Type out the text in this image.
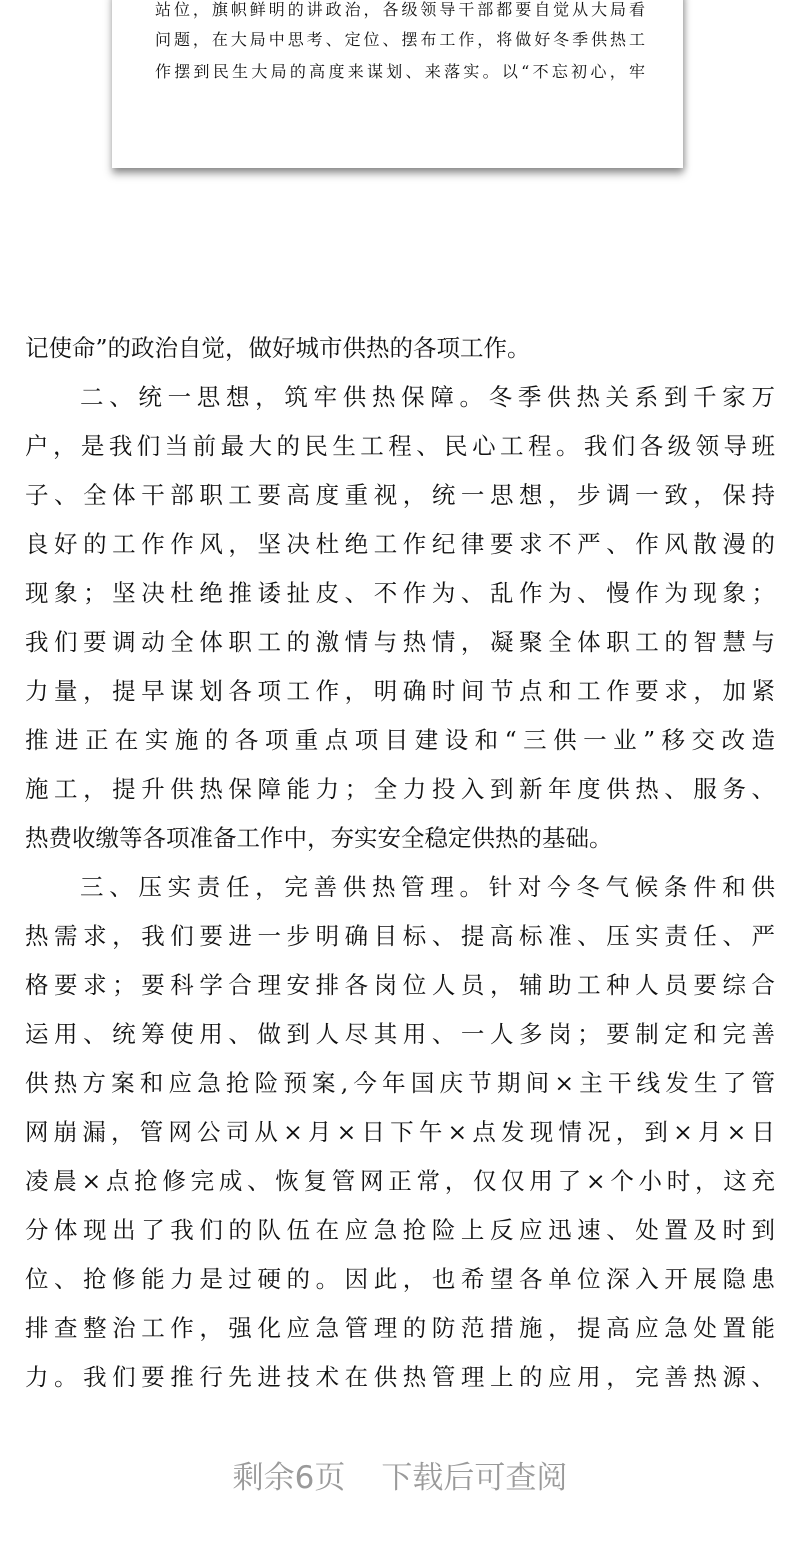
站位，旗帜鲜明的讲政治，各级领导干部都要自觉从大局看
问题，在大局中思考、定位、摆布工作，将做好冬季供热工
作摆到民生大局的高度来谋划、来落实。以“不忘初心，牢
记使命”的政治自觉，做好城市供热的各项工作。
二、统一思想，筑牢供热保障。冬季供热关系到千家万
户，是我们当前最大的民生工程、民心工程。我们各级领导班
子、全体干部职工要高度重视，统一思想，步调一致，保持
良好的工作作风，坚决杜绝工作纪律要求不严、作风散漫的
现象；坚决杜绝推诿扯皮、不作为、乱作为、慢作为现象；
我们要调动全体职工的激情与热情，凝聚全体职工的智慧与
力量，提早谋划各项工作，明确时间节点和工作要求，加紧
推进正在实施的各项重点项目建设和“三供一业”移交改造
施工，提升供热保障能力；全力投入到新年度供热、服务、
热费收缴等各项准备工作中，夯实安全稳定供热的基础。
三、压实责任，完善供热管理。针对今冬气候条件和供
热需求，我们要进一步明确目标、提高标准、压实责任、严
格要求；要科学合理安排各岗位人员，辅助工种人员要综合
运用、统筹使用、做到人尽其用、一人多岗；要制定和完善
供热方案和应急抢险预案,今年国庆节期间×主干线发生了管
网崩漏，管网公司从×月×日下午×点发现情况，到×月×日
凌晨×点抢修完成、恢复管网正常，仅仅用了×个小时，这充
分体现出了我们的队伍在应急抢险上反应迅速、处置及时到
位、抢修能力是过硬的。因此，也希望各单位深入开展隐患
排查整治工作，强化应急管理的防范措施，提高应急处置能
力。我们要推行先进技术在供热管理上的应用，完善热源、
剩余6页 下载后可查阅
